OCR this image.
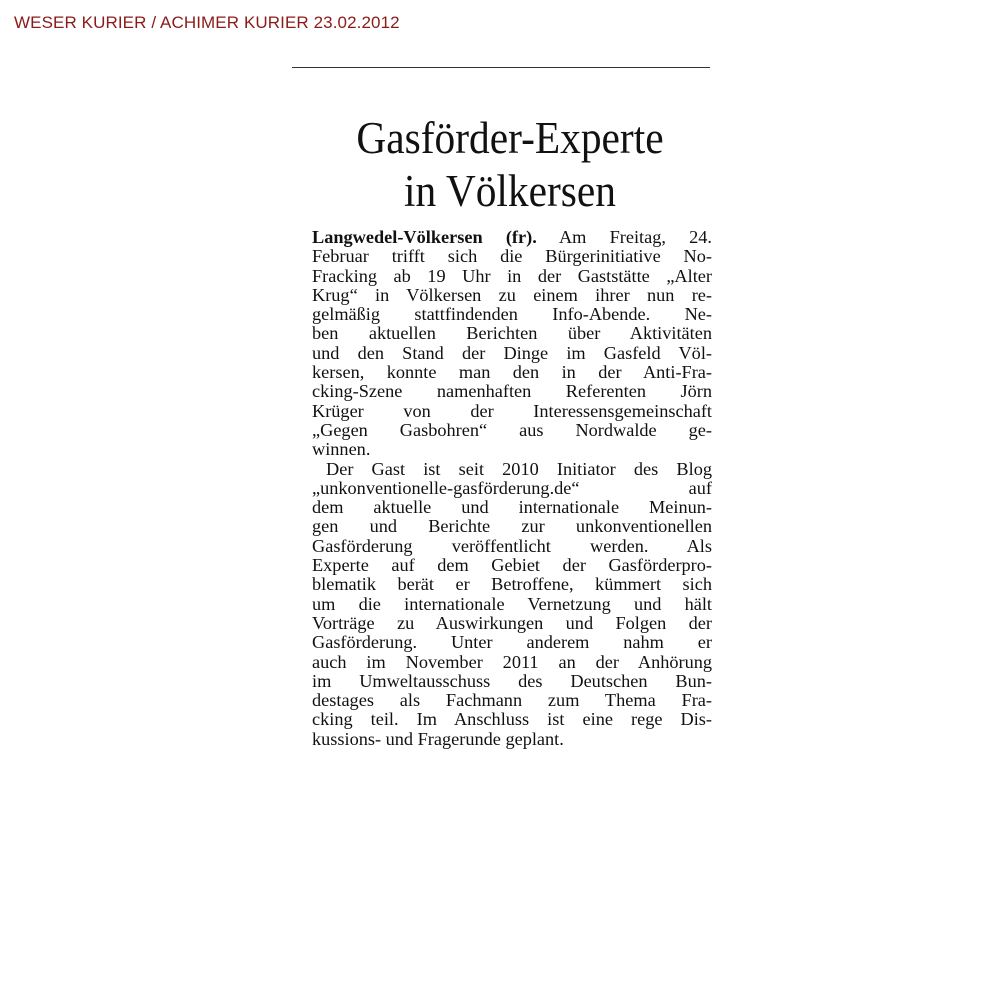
WESER KURIER / ACHIMER KURIER 23.02.2012
Gasförder-Experte
in Völkersen
Langwedel-Völkersen (fr). Am Freitag, 24.
Februar trifft sich die Bürgerinitiative No-
Fracking ab 19 Uhr in der Gaststätte „Alter
Krug“ in Völkersen zu einem ihrer nun re-
gelmäßig stattfindenden Info-Abende. Ne-
ben aktuellen Berichten über Aktivitäten
und den Stand der Dinge im Gasfeld Völ-
kersen, konnte man den in der Anti-Fra-
cking-Szene namenhaften Referenten Jörn
Krüger von der Interessensgemeinschaft
„Gegen Gasbohren“ aus Nordwalde ge-
winnen.
Der Gast ist seit 2010 Initiator des Blog
„unkonventionelle-gasförderung.de“ auf
dem aktuelle und internationale Meinun-
gen und Berichte zur unkonventionellen
Gasförderung veröffentlicht werden. Als
Experte auf dem Gebiet der Gasförderpro-
blematik berät er Betroffene, kümmert sich
um die internationale Vernetzung und hält
Vorträge zu Auswirkungen und Folgen der
Gasförderung. Unter anderem nahm er
auch im November 2011 an der Anhörung
im Umweltausschuss des Deutschen Bun-
destages als Fachmann zum Thema Fra-
cking teil. Im Anschluss ist eine rege Dis-
kussions- und Fragerunde geplant.
